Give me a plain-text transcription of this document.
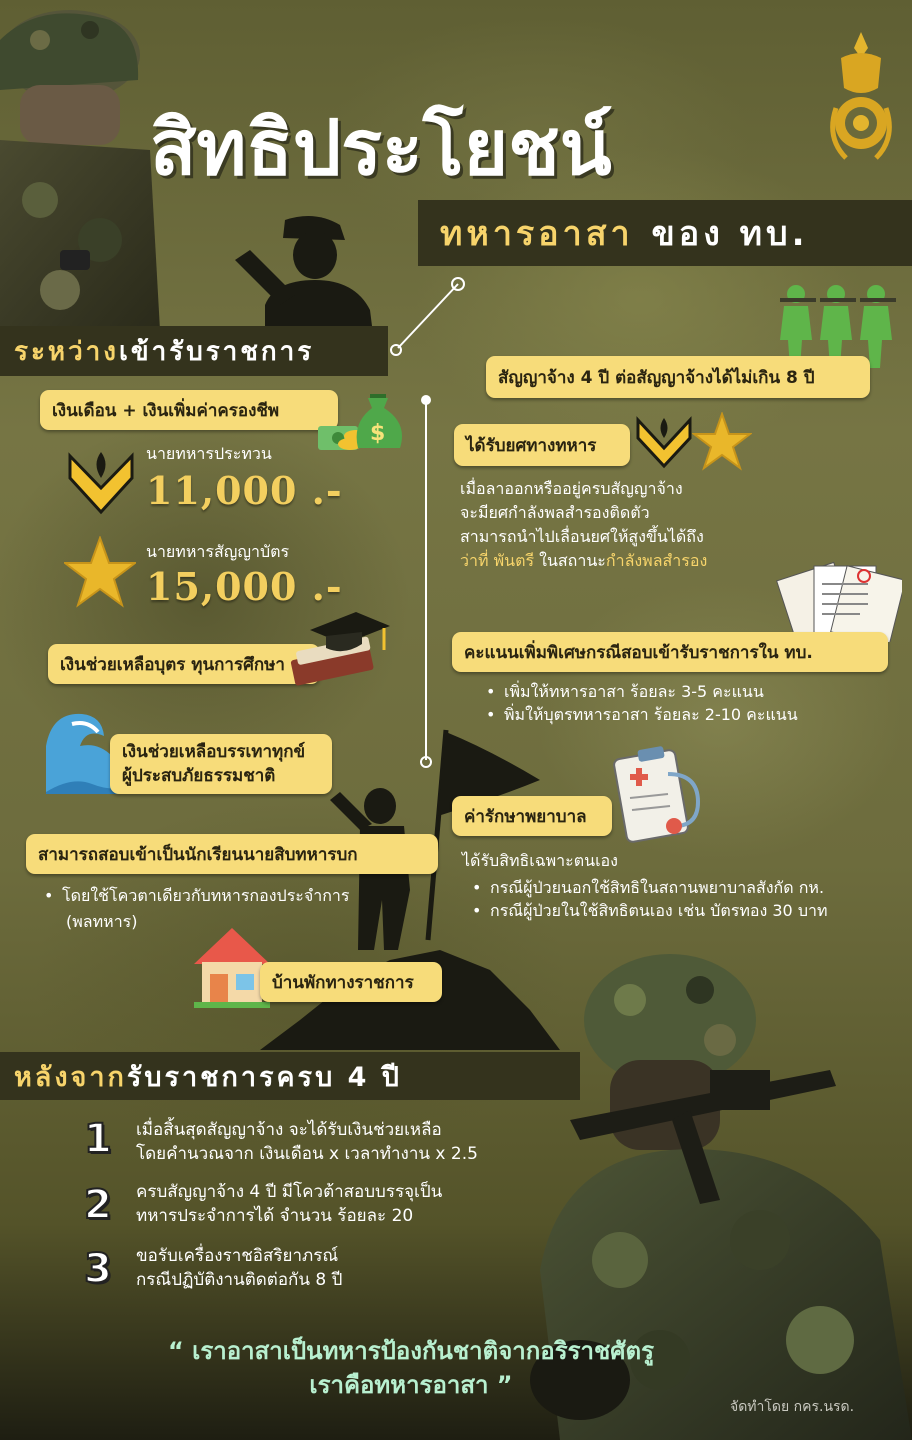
สิทธิประโยชน์
ทหารอาสา ของ ทบ.
ระหว่าง เข้ารับราชการ
เงินเดือน + เงินเพิ่มค่าครองชีพ
$
นายทหารประทวน
11,000 .-
นายทหารสัญญาบัตร
15,000 .-
เงินช่วยเหลือบุตร ทุนการศึกษา
เงินช่วยเหลือบรรเทาทุกข์
ผู้ประสบภัยธรรมชาติ
สามารถสอบเข้าเป็นนักเรียนนายสิบทหารบก
• โดยใช้โควตาเดียวกับทหารกองประจำการ
(พลทหาร)
บ้านพักทางราชการ
สัญญาจ้าง 4 ปี ต่อสัญญาจ้างได้ไม่เกิน 8 ปี
ได้รับยศทางทหาร
เมื่อลาออกหรืออยู่ครบสัญญาจ้าง
จะมียศกำลังพลสำรองติดตัว
สามารถนำไปเลื่อนยศให้สูงขึ้นได้ถึง
ว่าที่ พันตรี ในสถานะกำลังพลสำรอง
คะแนนเพิ่มพิเศษกรณีสอบเข้ารับราชการใน ทบ.
• เพิ่มให้ทหารอาสา ร้อยละ 3-5 คะแนน
• พิ่มให้บุตรทหารอาสา ร้อยละ 2-10 คะแนน
ค่ารักษาพยาบาล
ได้รับสิทธิเฉพาะตนเอง
• กรณีผู้ป่วยนอกใช้สิทธิในสถานพยาบาลสังกัด กห.
• กรณีผู้ป่วยในใช้สิทธิตนเอง เช่น บัตรทอง 30 บาท
หลังจาก รับราชการครบ 4 ปี
1 เมื่อสิ้นสุดสัญญาจ้าง จะได้รับเงินช่วยเหลือ
โดยคำนวณจาก เงินเดือน x เวลาทำงาน x 2.5
2 ครบสัญญาจ้าง 4 ปี มีโควต้าสอบบรรจุเป็น
ทหารประจำการได้ จำนวน ร้อยละ 20
3 ขอรับเครื่องราชอิสริยาภรณ์
กรณีปฏิบัติงานติดต่อกัน 8 ปี
“ เราอาสาเป็นทหารป้องกันชาติจากอริราชศัตรู
เราคือทหารอาสา ”
จัดทำโดย กคร.นรด.
